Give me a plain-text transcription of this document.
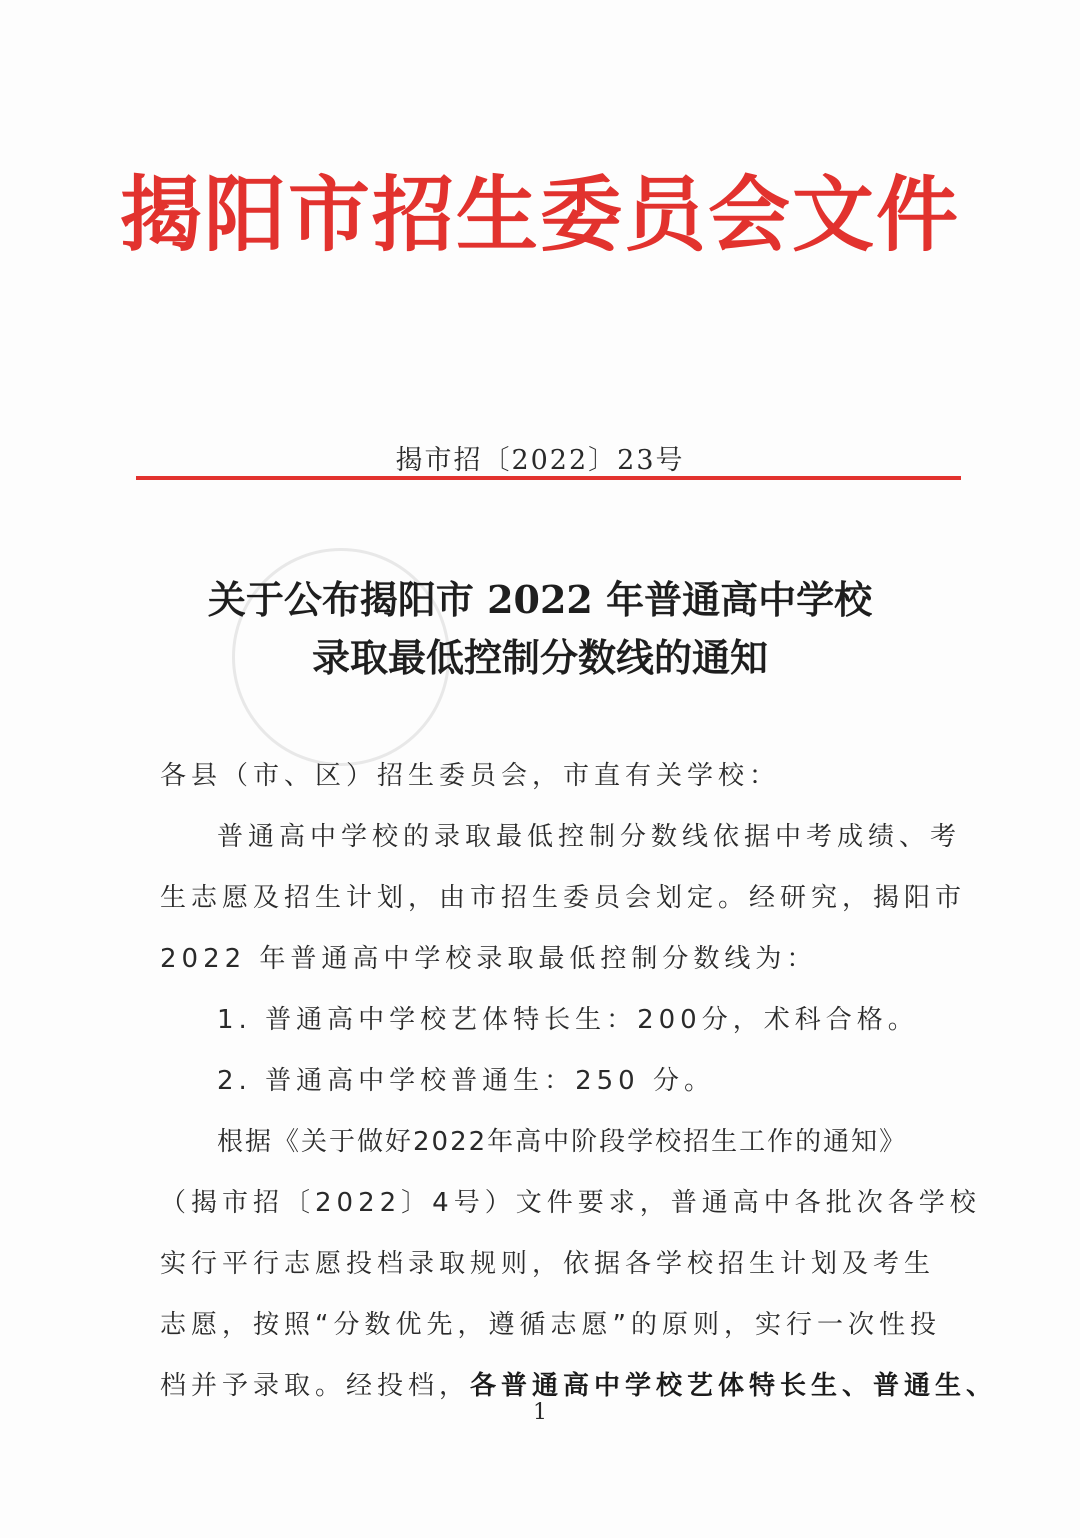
揭阳市招生委员会文件
揭市招〔2022〕23号
关于公布揭阳市 2022 年普通高中学校
录取最低控制分数线的通知
各县（市、区）招生委员会，市直有关学校：
普通高中学校的录取最低控制分数线依据中考成绩、考
生志愿及招生计划，由市招生委员会划定。经研究，揭阳市
2022 年普通高中学校录取最低控制分数线为：
1. 普通高中学校艺体特长生：200分，术科合格。
2. 普通高中学校普通生：250 分。
根据《关于做好2022年高中阶段学校招生工作的通知》
（揭市招〔2022〕4号）文件要求，普通高中各批次各学校
实行平行志愿投档录取规则，依据各学校招生计划及考生
志愿，按照“分数优先，遵循志愿”的原则，实行一次性投
档并予录取。经投档，各普通高中学校艺体特长生、普通生、
1
